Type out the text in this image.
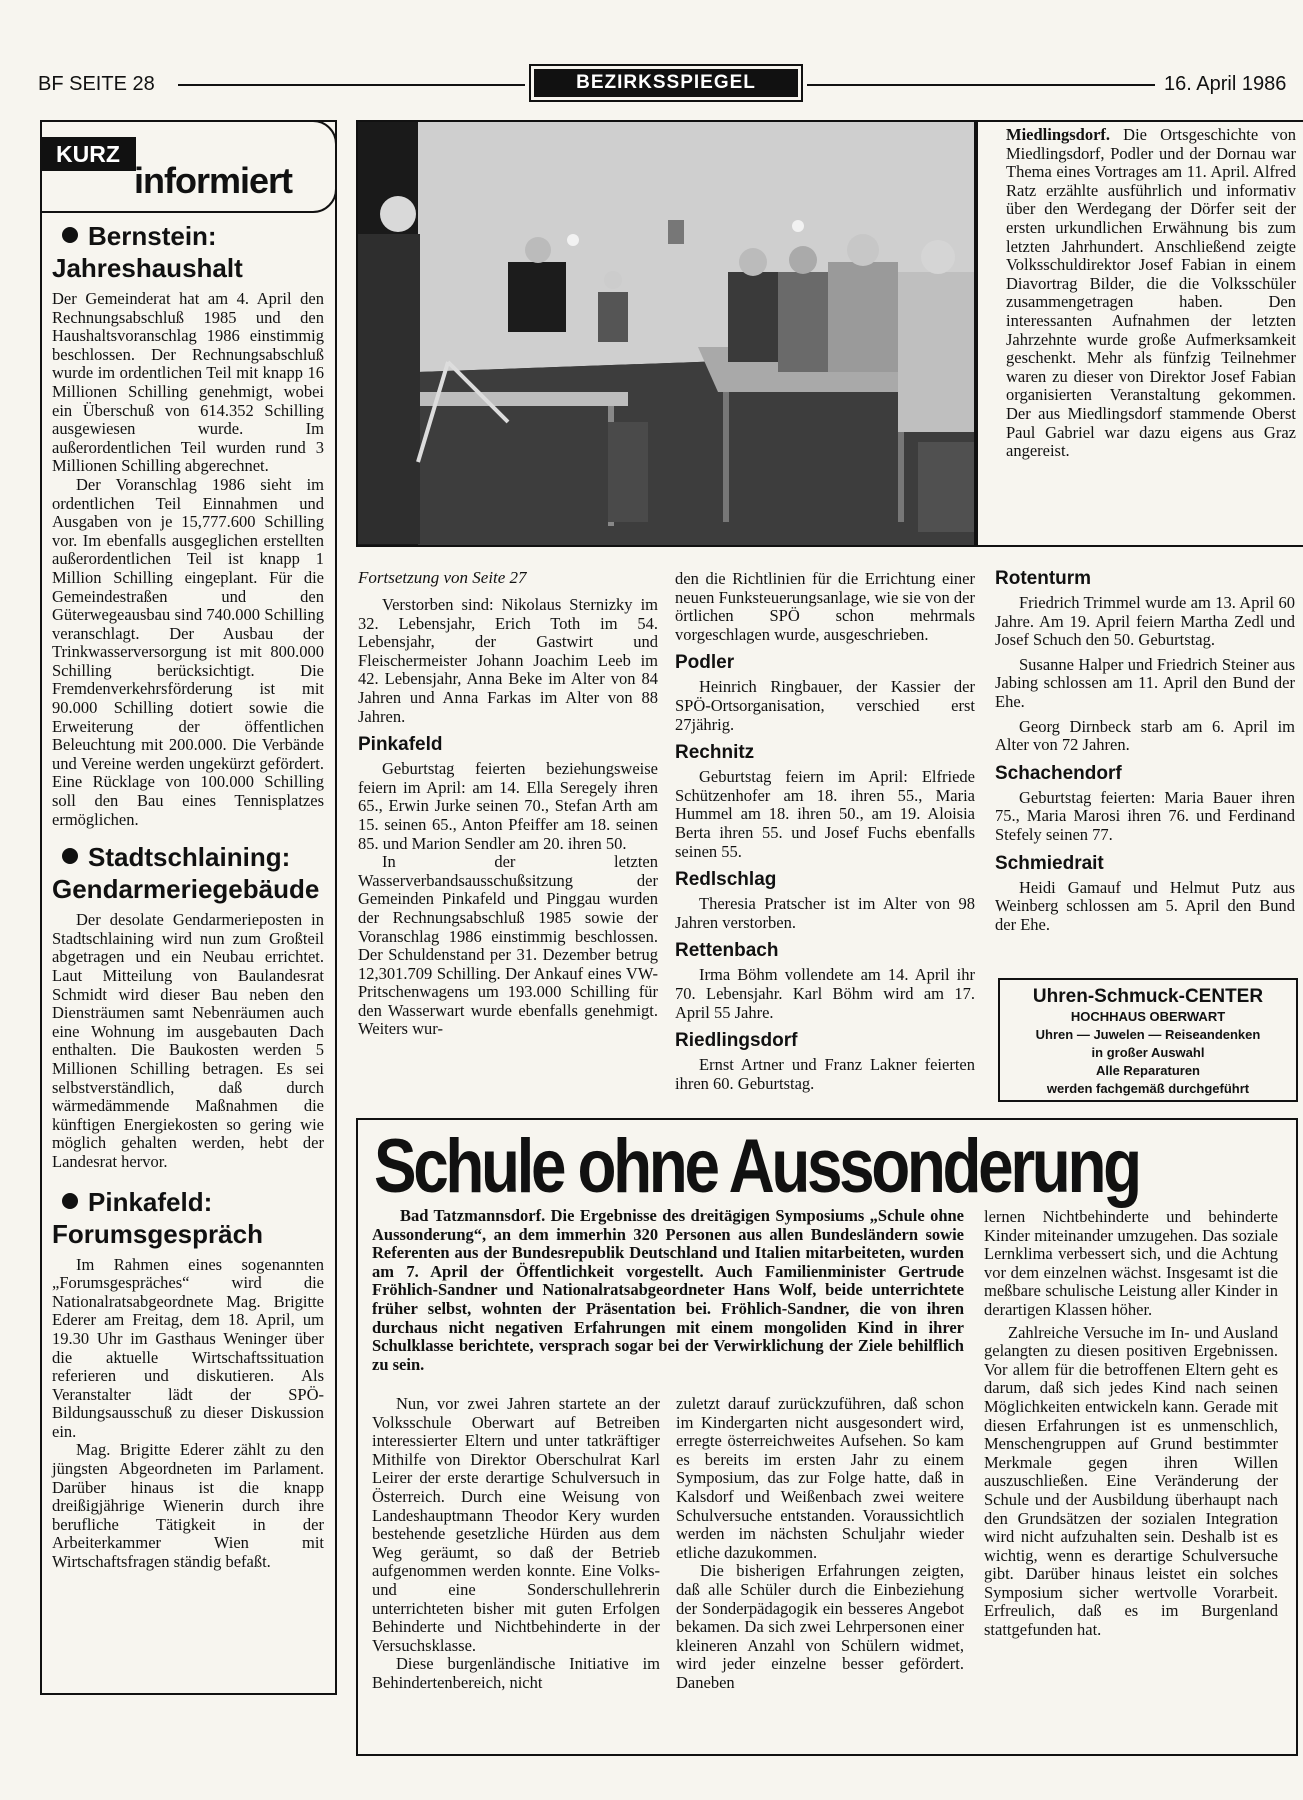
BF SEITE 28	BEZIRKSSPIEGEL	16. April 1986
KURZ
informiert
Bernstein: Jahreshaushalt

Der Gemeinderat hat am 4. April den Rechnungsabschluß 1985 und den Haushaltsvoranschlag 1986 einstimmig beschlossen. Der Rechnungsabschluß wurde im ordentlichen Teil mit knapp 16 Millionen Schilling genehmigt, wobei ein Überschuß von 614.352 Schilling ausgewiesen wurde. Im außerordentlichen Teil wurden rund 3 Millionen Schilling abgerechnet.

Der Voranschlag 1986 sieht im ordentlichen Teil Einnahmen und Ausgaben von je 15,777.600 Schilling vor. Im ebenfalls ausgeglichen erstellten außerordentlichen Teil ist knapp 1 Million Schilling eingeplant. Für die Gemeindestraßen und den Güterwegeausbau sind 740.000 Schilling veranschlagt. Der Ausbau der Trinkwasserversorgung ist mit 800.000 Schilling berücksichtigt. Die Fremdenverkehrsförderung ist mit 90.000 Schilling dotiert sowie die Erweiterung der öffentlichen Beleuchtung mit 200.000. Die Verbände und Vereine werden ungekürzt gefördert. Eine Rücklage von 100.000 Schilling soll den Bau eines Tennisplatzes ermöglichen.

Stadtschlaining: Gendarmeriegebäude

Der desolate Gendarmerieposten in Stadtschlaining wird nun zum Großteil abgetragen und ein Neubau errichtet. Laut Mitteilung von Baulandesrat Schmidt wird dieser Bau neben den Diensträumen samt Nebenräumen auch eine Wohnung im ausgebauten Dach enthalten. Die Baukosten werden 5 Millionen Schilling betragen. Es sei selbstverständlich, daß durch wärmedämmende Maßnahmen die künftigen Energiekosten so gering wie möglich gehalten werden, hebt der Landesrat hervor.

Pinkafeld: Forumsgespräch

Im Rahmen eines sogenannten „Forumsgespräches“ wird die Nationalratsabgeordnete Mag. Brigitte Ederer am Freitag, dem 18. April, um 19.30 Uhr im Gasthaus Weninger über die aktuelle Wirtschaftssituation referieren und diskutieren. Als Veranstalter lädt der SPÖ-Bildungsausschuß zu dieser Diskussion ein.

Mag. Brigitte Ederer zählt zu den jüngsten Abgeordneten im Parlament. Darüber hinaus ist die knapp dreißigjährige Wienerin durch ihre berufliche Tätigkeit in der Arbeiterkammer Wien mit Wirtschaftsfragen ständig befaßt.

Miedlingsdorf. Die Ortsgeschichte von Miedlingsdorf, Podler und der Dornau war Thema eines Vortrages am 11. April. Alfred Ratz erzählte ausführlich und informativ über den Werdegang der Dörfer seit der ersten urkundlichen Erwähnung bis zum letzten Jahrhundert. Anschließend zeigte Volksschuldirektor Josef Fabian in einem Diavortrag Bilder, die die Volksschüler zusammengetragen haben. Den interessanten Aufnahmen der letzten Jahrzehnte wurde große Aufmerksamkeit geschenkt. Mehr als fünfzig Teilnehmer waren zu dieser von Direktor Josef Fabian organisierten Veranstaltung gekommen. Der aus Miedlingsdorf stammende Oberst Paul Gabriel war dazu eigens aus Graz angereist.

Fortsetzung von Seite 27

Verstorben sind: Nikolaus Sternizky im 32. Lebensjahr, Erich Toth im 54. Lebensjahr, der Gastwirt und Fleischermeister Johann Joachim Leeb im 42. Lebensjahr, Anna Beke im Alter von 84 Jahren und Anna Farkas im Alter von 88 Jahren.

Pinkafeld

Geburtstag feierten beziehungsweise feiern im April: am 14. Ella Seregely ihren 65., Erwin Jurke seinen 70., Stefan Arth am 15. seinen 65., Anton Pfeiffer am 18. seinen 85. und Marion Sendler am 20. ihren 50.

In der letzten Wasserverbandsausschußsitzung der Gemeinden Pinkafeld und Pinggau wurden der Rechnungsabschluß 1985 sowie der Voranschlag 1986 einstimmig beschlossen. Der Schuldenstand per 31. Dezember betrug 12,301.709 Schilling. Der Ankauf eines VW-Pritschenwagens um 193.000 Schilling für den Wasserwart wurde ebenfalls genehmigt. Weiters wur-

den die Richtlinien für die Errichtung einer neuen Funksteuerungsanlage, wie sie von der örtlichen SPÖ schon mehrmals vorgeschlagen wurde, ausgeschrieben.

Podler

Heinrich Ringbauer, der Kassier der SPÖ-Ortsorganisation, verschied erst 27jährig.

Rechnitz

Geburtstag feiern im April: Elfriede Schützenhofer am 18. ihren 55., Maria Hummel am 18. ihren 50., am 19. Aloisia Berta ihren 55. und Josef Fuchs ebenfalls seinen 55.

Redlschlag

Theresia Pratscher ist im Alter von 98 Jahren verstorben.

Rettenbach

Irma Böhm vollendete am 14. April ihr 70. Lebensjahr. Karl Böhm wird am 17. April 55 Jahre.

Riedlingsdorf

Ernst Artner und Franz Lakner feierten ihren 60. Geburtstag.

Rotenturm

Friedrich Trimmel wurde am 13. April 60 Jahre. Am 19. April feiern Martha Zedl und Josef Schuch den 50. Geburtstag.

Susanne Halper und Friedrich Steiner aus Jabing schlossen am 11. April den Bund der Ehe.

Georg Dirnbeck starb am 6. April im Alter von 72 Jahren.

Schachendorf

Geburtstag feierten: Maria Bauer ihren 75., Maria Marosi ihren 76. und Ferdinand Stefely seinen 77.

Schmiedrait

Heidi Gamauf und Helmut Putz aus Weinberg schlossen am 5. April den Bund der Ehe.

Uhren-Schmuck-CENTER
HOCHHAUS OBERWART
Uhren — Juwelen — Reiseandenken
in großer Auswahl
Alle Reparaturen
werden fachgemäß durchgeführt
Schule ohne Aussonderung

Bad Tatzmannsdorf. Die Ergebnisse des dreitägigen Symposiums „Schule ohne Aussonderung“, an dem immerhin 320 Personen aus allen Bundesländern sowie Referenten aus der Bundesrepublik Deutschland und Italien mitarbeiteten, wurden am 7. April der Öffentlichkeit vorgestellt. Auch Familienminister Gertrude Fröhlich-Sandner und Nationalratsabgeordneter Hans Wolf, beide unterrichtete früher selbst, wohnten der Präsentation bei. Fröhlich-Sandner, die von ihren durchaus nicht negativen Erfahrungen mit einem mongoliden Kind in ihrer Schulklasse berichtete, versprach sogar bei der Verwirklichung der Ziele behilflich zu sein.

Nun, vor zwei Jahren startete an der Volksschule Oberwart auf Betreiben interessierter Eltern und unter tatkräftiger Mithilfe von Direktor Oberschulrat Karl Leirer der erste derartige Schulversuch in Österreich. Durch eine Weisung von Landeshauptmann Theodor Kery wurden bestehende gesetzliche Hürden aus dem Weg geräumt, so daß der Betrieb aufgenommen werden konnte. Eine Volks- und eine Sonderschullehrerin unterrichteten bisher mit guten Erfolgen Behinderte und Nichtbehinderte in der Versuchsklasse.

Diese burgenländische Initiative im Behindertenbereich, nicht

zuletzt darauf zurückzuführen, daß schon im Kindergarten nicht ausgesondert wird, erregte österreichweites Aufsehen. So kam es bereits im ersten Jahr zu einem Symposium, das zur Folge hatte, daß in Kalsdorf und Weißenbach zwei weitere Schulversuche entstanden. Voraussichtlich werden im nächsten Schuljahr wieder etliche dazukommen.

Die bisherigen Erfahrungen zeigten, daß alle Schüler durch die Einbeziehung der Sonderpädagogik ein besseres Angebot bekamen. Da sich zwei Lehrpersonen einer kleineren Anzahl von Schülern widmet, wird jeder einzelne besser gefördert. Daneben

lernen Nichtbehinderte und behinderte Kinder miteinander umzugehen. Das soziale Lernklima verbessert sich, und die Achtung vor dem einzelnen wächst. Insgesamt ist die meßbare schulische Leistung aller Kinder in derartigen Klassen höher.

Zahlreiche Versuche im In- und Ausland gelangten zu diesen positiven Ergebnissen. Vor allem für die betroffenen Eltern geht es darum, daß sich jedes Kind nach seinen Möglichkeiten entwickeln kann. Gerade mit diesen Erfahrungen ist es unmenschlich, Menschengruppen auf Grund bestimmter Merkmale gegen ihren Willen auszuschließen. Eine Veränderung der Schule und der Ausbildung überhaupt nach den Grundsätzen der sozialen Integration wird nicht aufzuhalten sein. Deshalb ist es wichtig, wenn es derartige Schulversuche gibt. Darüber hinaus leistet ein solches Symposium sicher wertvolle Vorarbeit. Erfreulich, daß es im Burgenland stattgefunden hat.
